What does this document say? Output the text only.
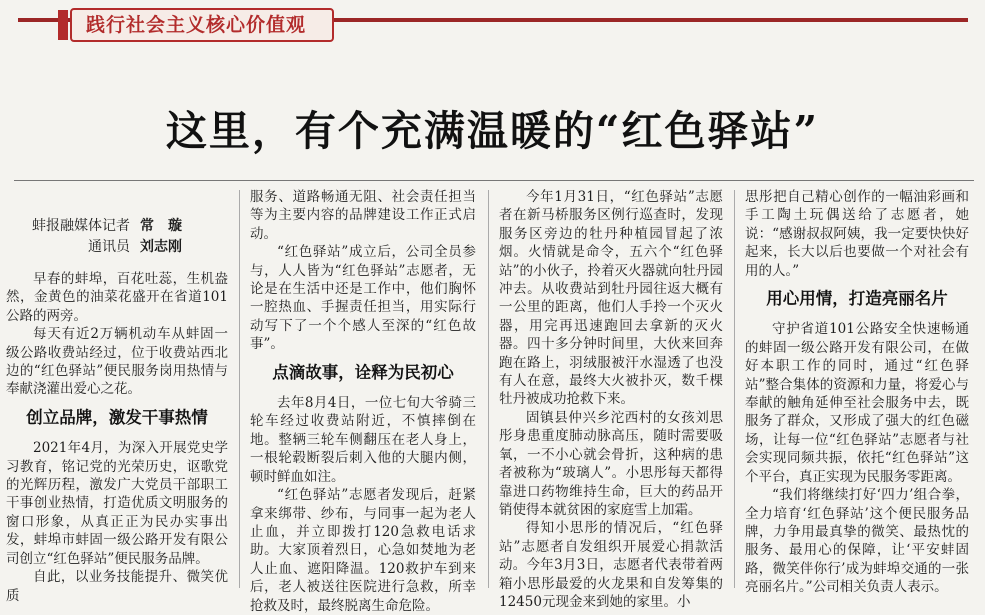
践行社会主义核心价值观
这里，有个充满温暖的“红色驿站”
蚌报融媒体记者 常　璇
通讯员 刘志刚

早春的蚌埠，百花吐蕊，生机盎然，金黄色的油菜花盛开在省道101公路的两旁。

每天有近2万辆机动车从蚌固一级公路收费站经过，位于收费站西北边的“红色驿站”便民服务岗用热情与奉献浇灌出爱心之花。

创立品牌，激发干事热情

2021年4月，为深入开展党史学习教育，铭记党的光荣历史，讴歌党的光辉历程，激发广大党员干部职工干事创业热情，打造优质文明服务的窗口形象，从真正正为民办实事出发，蚌埠市蚌固一级公路开发有限公司创立“红色驿站”便民服务品牌。

自此，以业务技能提升、微笑优质

服务、道路畅通无阻、社会责任担当等为主要内容的品牌建设工作正式启动。

“红色驿站”成立后，公司全员参与，人人皆为“红色驿站”志愿者，无论是在生活中还是工作中，他们胸怀一腔热血、手握责任担当，用实际行动写下了一个个感人至深的“红色故事”。

点滴故事，诠释为民初心

去年8月4日，一位七旬大爷骑三轮车经过收费站附近，不慎摔倒在地。整辆三轮车侧翻压在老人身上，一根轮毂断裂后刺入他的大腿内侧，顿时鲜血如注。

“红色驿站”志愿者发现后，赶紧拿来绑带、纱布，与同事一起为老人止血，并立即拨打120急救电话求助。大家顶着烈日，心急如焚地为老人止血、遮阳降温。120救护车到来后，老人被送往医院进行急救，所幸抢救及时，最终脱离生命危险。

今年1月31日，“红色驿站”志愿者在新马桥服务区例行巡查时，发现服务区旁边的牡丹种植园冒起了浓烟。火情就是命令，五六个“红色驿站”的小伙子，拎着灭火器就向牡丹园冲去。从收费站到牡丹园往返大概有一公里的距离，他们人手拎一个灭火器，用完再迅速跑回去拿新的灭火器。四十多分钟时间里，大伙来回奔跑在路上，羽绒服被汗水湿透了也没有人在意，最终大火被扑灭，数千棵牡丹被成功抢救下来。

固镇县仲兴乡沱西村的女孩刘思彤身患重度肺动脉高压，随时需要吸氧，一不小心就会骨折，这种病的患者被称为“玻璃人”。小思彤每天都得靠进口药物维持生命，巨大的药品开销使得本就贫困的家庭雪上加霜。

得知小思彤的情况后，“红色驿站”志愿者自发组织开展爱心捐款活动。今年3月3日，志愿者代表带着两箱小思彤最爱的火龙果和自发筹集的12450元现金来到她的家里。小

思彤把自己精心创作的一幅油彩画和手工陶土玩偶送给了志愿者，她说：“感谢叔叔阿姨，我一定要快快好起来，长大以后也要做一个对社会有用的人。”

用心用情，打造亮丽名片

守护省道101公路安全快速畅通的蚌固一级公路开发有限公司，在做好本职工作的同时，通过“红色驿站”整合集体的资源和力量，将爱心与奉献的触角延伸至社会服务中去，既服务了群众，又形成了强大的红色磁场，让每一位“红色驿站”志愿者与社会实现同频共振，依托“红色驿站”这个平台，真正实现为民服务零距离。

“我们将继续打好‘四力’组合拳，全力培育‘红色驿站’这个便民服务品牌，力争用最真挚的微笑、最热忱的服务、最用心的保障，让‘平安蚌固路，微笑伴你行’成为蚌埠交通的一张亮丽名片。”公司相关负责人表示。
